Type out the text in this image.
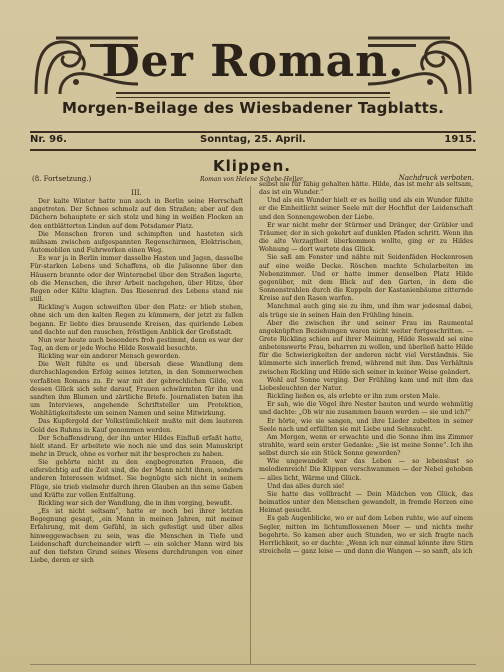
Der Roman.
Morgen-Beilage des Wiesbadener Tagblatts.
Nr. 96.	Sonntag, 25. April.	1915.
Klippen.
Roman von Helene Schebe-Heller.
(8. Fortsetzung.)	Nachdruck verboten.
III.

Der kalte Winter hatte nun auch in Berlin seine Herrschaft angetreten. Der Schnee schmolz auf den Straßen; aber auf den Dächern behauptete er sich stolz und hing in weißen Flocken an den entblätterten Linden auf dem Potsdamer Platz.

Die Menschen froren und schimpften und hasteten sich mühsam zwischen aufgespannten Regenschirmen, Elektrischen, Automobilen und Fuhrwerken einen Weg.

Es war ja in Berlin immer dasselbe Hasten und Jagen, dasselbe Für-starken Lebens und Schaffens, ob die Julisonne über den Häusern brannte oder der Winternebel über den Straßen lagerte, ob die Menschen, die ihrer Arbeit nachgehen, über Hitze, über Regen oder Kälte klagten. Das Riesenrad des Lebens stand nie still.

Rickling's Augen schweiften über den Platz: er blieb stehen, ohne sich um den kalten Regen zu kümmern, der jetzt zu fallen begann. Er liebte dies brausende Kreisen, das quirlende Leben und dachte auf den rauschen, fröstligen Anblick der Großstadt.

Nun war heute auch besonders froh gestimmt, denn es war der Tag, an dem er jede Woche Hilde Roswald besuchte.

Rickling war ein anderer Mensch geworden.

Die Welt fühlte es und übersah diese Wandlung dem durchschlagenden Erfolg seines letzten, in den Sommerwochen verfaßten Romans zu. Er war mit der gebrechlichen Gilde, von dessen Glück sich sehr darauf, Frauen schwärmten für ihn und sandten ihm Blumen und zärtliche Briefe. Journalisten baten ihn um Interviews, angehende Schriftsteller um Protektion, Wohltätigkeitsfeste um seinen Namen und seine Mitwirkung.

Das Kupfergold der Volkstümlichkeit mußte mit dem lauteren Gold des Ruhms in Kauf genommen werden.

Der Schaffensdrang, der ihn unter Hildes Einfluß erfaßt hatte, hielt stand. Er arbeitete wie noch nie und das sein Manuskript mehr in Druck, ohne es vorher mit ihr besprochen zu haben.

Sie gehörte nicht zu den engbegrenzten Frauen, die eifersüchtig auf die Zeit sind, die der Mann nicht ihnen, sondern anderen Interessen widmet. Sie begnügte sich nicht in seinem Flüge, sie trieb vielmehr durch ihren Glauben an ihn seine Gaben und Kräfte zur vollen Entfaltung.

Rickling war sich der Wandlung, die in ihm vorging, bewußt.

„Es ist nicht seltsam“, hatte er noch bei ihrer letzten Begegnung gesagt, „ein Mann in meinen Jahren, mit meiner Erfahrung, mit dem Gefühl, in sich gefestigt und über alles hinweggewachsen zu sein, was die Menschen in Tiefe und Leidenschaft durcheinander wirft — ein solcher Mann wird bis auf den tiefsten Grund seines Wesens durchdrungen von einer Liebe, deren er sich

selbst nie für fähig gehalten hätte. Hilde, das ist mehr als seltsam, das ist ein Wunder.“

Und als ein Wunder hielt er es heilig und als ein Wunder fühlte er die Einheitlicht seiner Seele mit der Hochflut der Leidenschaft und den Sonnengewoben der Liebe.

Er war nicht mehr der Stürmer und Dränger, der Grübler und Träumer, der in sich gekehrt auf dunklen Pfaden schritt. Wenn ihn die alte Verzagtheit überkommen wollte, ging er zu Hildes Wohnung — dort wartete das Glück.

Sie saß am Fenster und nähte mit Seidenfäden Heckenrosen auf eine weiße Decke. Röschen machte Schularbeiten im Nebenzimmer. Und er hatte immer denselben Platz Hilde gegenüber, mit dem Blick auf den Garten, in dem die Sonnenstrahlen durch die Kuppeln der Kastanienbäume zitternde Kreise auf den Rasen warfen.

Manchmal auch ging sie zu ihm, und ihm war jedesmal dabei, als trüge sie in seinen Hain den Frühling hinein.

Aber die zwischen ihr und seiner Frau im Raumental angeknüpften Beziehungen waren nicht weiter fortgeschritten. — Grete Rickling schien auf ihrer Meinung, Hilde Roswald sei eine anbetenswerte Frau, beharren zu wollen, und überließ hatte Hilde für die Schwierigkeiten der anderen nicht viel Verständnis. Sie kümmerte sich innerlich fremd, während mit ihm. Das Verhältnis zwischen Rickling und Hilde sich seiner in keiner Weise geändert.

Wohl auf Sonne verging. Der Frühling kam und mit ihm das Liebesleuchten der Natur.

Rickling ließen es, als erlebte er ihn zum ersten Male.

Er sah, wie die Vögel ihre Nester bauten und wurde wehmütig und dachte: „Ob wir nie zusammen bauen werden — sie und ich?“

Er hörte, wie sie sangen, und ihre Lieder zubelten in seiner Seele nach und erfüllten sie mit Liebe und Sehnsucht.

Am Morgen, wenn er erwachte und die Sonne ihm ins Zimmer strahlte, ward sein erster Gedanke: „Sie ist meine Sonne“. Ich ihn selbst durch sie ein Stück Sonne geworden?

Wie ungewandelt war das Leben — so lebenslust so melodienreich! Die Klippen verschwammen — der Nebel gehoben — alles licht, Wärme und Glück.

Und das alles durch sie!

Sie hatte das vollbracht — Dein Mädchen von Glück, das heimatlos unter den Menschen gewandelt, in fremde Herzen eine Heimat gesucht.

Es gab Augenblicke, wo er auf dem Leben ruhte, wie auf einem Segler, mitten im lichtumflossenen Meer — und nichts mehr begehrte. So kamen aber auch Stunden, wo er sich fragte nach Herrlichkeit, so er dachte: „Wenn ich nur einmal könnte ihre Stirn streicheln — ganz leise — und dann die Wangen — so sanft, als ich
